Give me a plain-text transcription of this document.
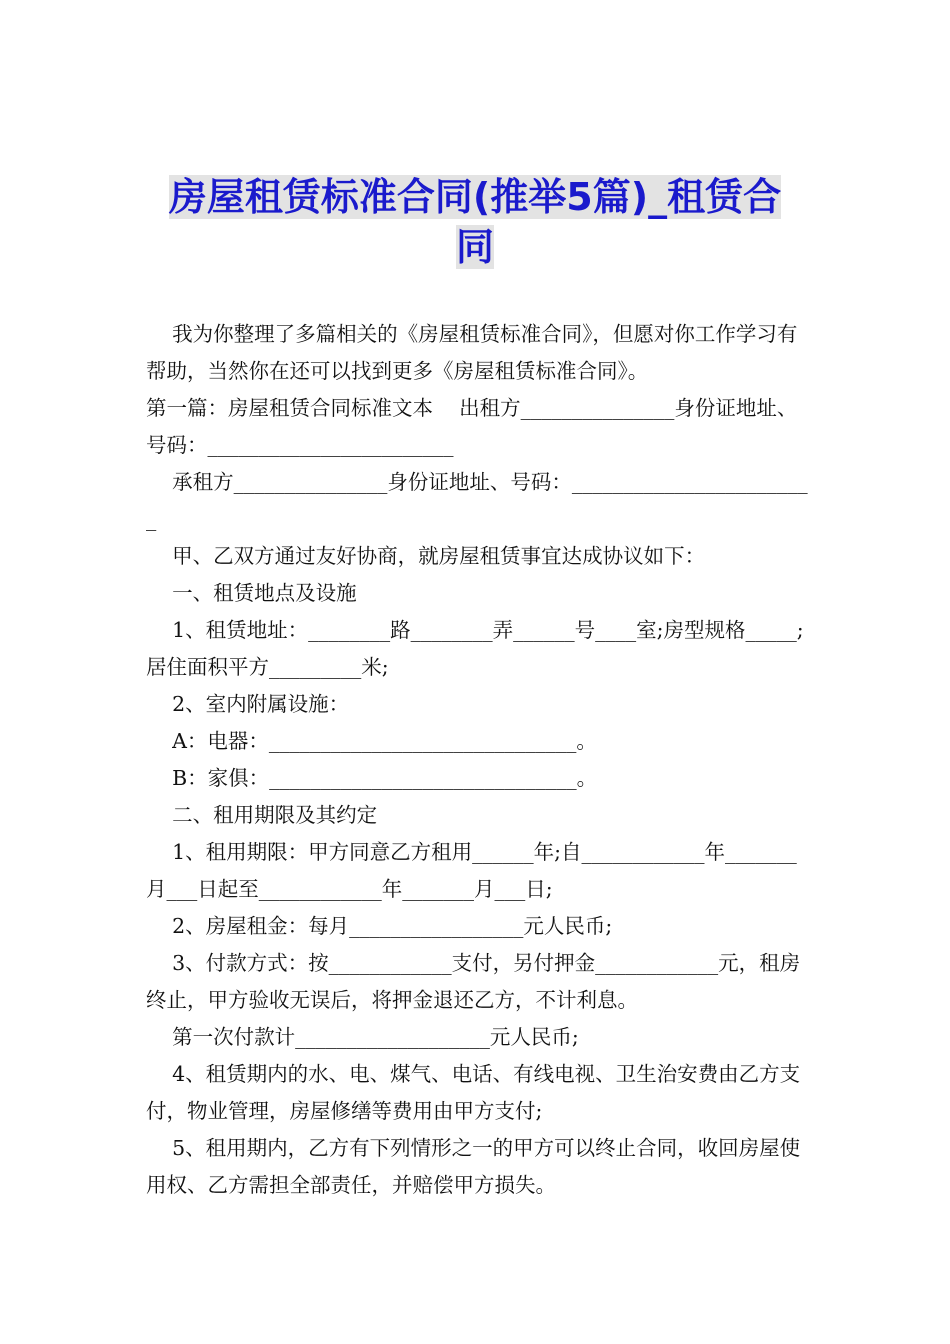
房屋租赁标准合同(推举5篇)_租赁合
同

我为你整理了多篇相关的《房屋租赁标准合同》，但愿对你工作学习有帮助，当然你在还可以找到更多《房屋租赁标准合同》。

第一篇：房屋租赁合同标准文本    出租方_______________身份证地址、号码：________________________

承租方_______________身份证地址、号码：________________________

甲、乙双方通过友好协商，就房屋租赁事宜达成协议如下：

一、租赁地点及设施

1、租赁地址：________路________弄______号____室;房型规格_____;居住面积平方_________米;

2、室内附属设施：

A：电器：______________________________。

B：家俱：______________________________。

二、租用期限及其约定

1、租用期限：甲方同意乙方租用______年;自____________年_______月___日起至____________年_______月___日;

2、房屋租金：每月_________________元人民币;

3、付款方式：按____________支付，另付押金____________元，租房终止，甲方验收无误后，将押金退还乙方，不计利息。

第一次付款计___________________元人民币;

4、租赁期内的水、电、煤气、电话、有线电视、卫生治安费由乙方支付，物业管理，房屋修缮等费用由甲方支付;

5、租用期内，乙方有下列情形之一的甲方可以终止合同，收回房屋使用权、乙方需担全部责任，并赔偿甲方损失。
